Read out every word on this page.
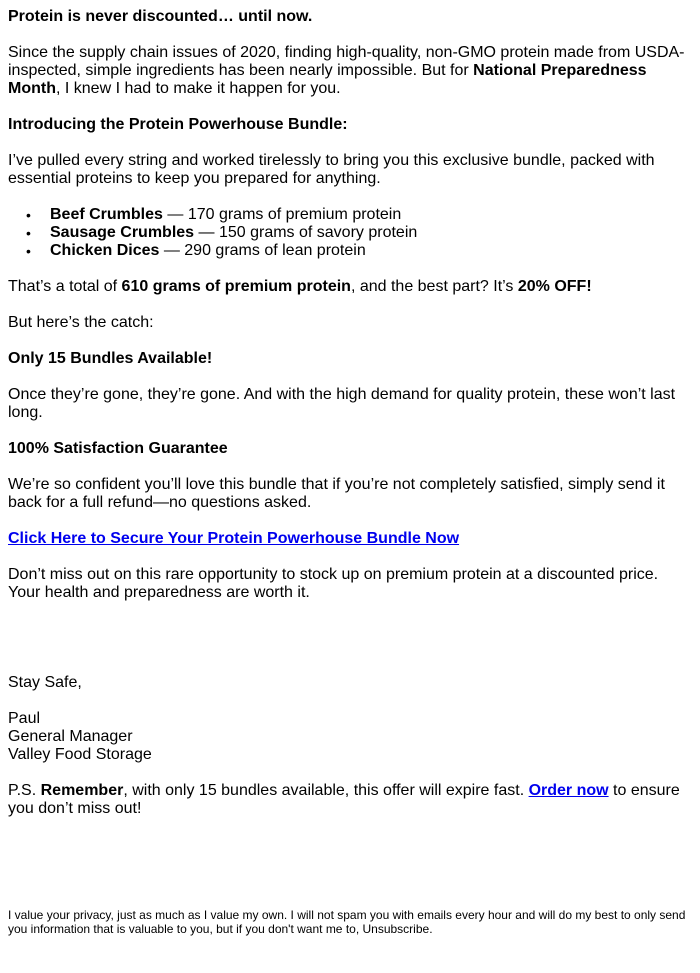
Protein is never discounted… until now.

Since the supply chain issues of 2020, finding high-quality, non-GMO protein made from USDA-inspected, simple ingredients has been nearly impossible. But for National Preparedness Month, I knew I had to make it happen for you.

Introducing the Protein Powerhouse Bundle:

I’ve pulled every string and worked tirelessly to bring you this exclusive bundle, packed with essential proteins to keep you prepared for anything.

• Beef Crumbles — 170 grams of premium protein
• Sausage Crumbles — 150 grams of savory protein
• Chicken Dices — 290 grams of lean protein

That’s a total of 610 grams of premium protein, and the best part? It’s 20% OFF!

But here’s the catch:

Only 15 Bundles Available!

Once they’re gone, they’re gone. And with the high demand for quality protein, these won’t last long.

100% Satisfaction Guarantee

We’re so confident you’ll love this bundle that if you’re not completely satisfied, simply send it back for a full refund—no questions asked.

Click Here to Secure Your Protein Powerhouse Bundle Now

Don’t miss out on this rare opportunity to stock up on premium protein at a discounted price. Your health and preparedness are worth it.

Stay Safe,

Paul
General Manager
Valley Food Storage

P.S. Remember, with only 15 bundles available, this offer will expire fast. Order now to ensure you don’t miss out!

I value your privacy, just as much as I value my own. I will not spam you with emails every hour and will do my best to only send you information that is valuable to you, but if you don't want me to, Unsubscribe.
